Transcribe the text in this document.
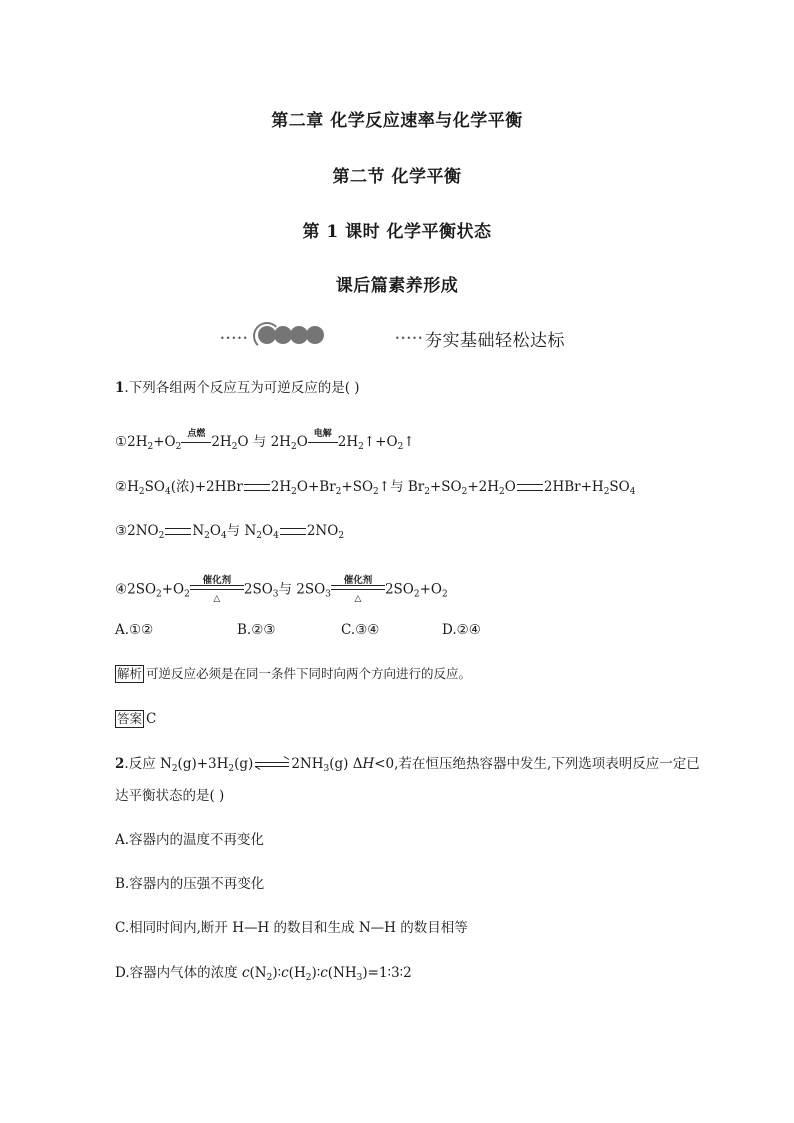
第二章 化学反应速率与化学平衡
第二节 化学平衡
第 1 课时 化学平衡状态
课后篇素养形成
•••••	••••• 夯实基础轻松达标
1.下列各组两个反应互为可逆反应的是( )
$①2H_2+O_2$
点燃
$2H_2O$ 与 $2H_2O$
电解
$2H_2↑+O_2↑$
$②H_2SO_4$(浓)+2HBr $2H_2O+Br_2+SO_2↑$与 $Br_2+SO_2+2H_2O$ $2HBr+H_2SO_4$
$③2NO_2$ $N_2O_4$与 $N_2O_4$ $2NO_2$
$④2SO_2+O_2$
催化剂
△
$2SO_3$与 $2SO_3$
催化剂
△
$2SO_2+O_2$
A.①②	B.②③	C.③④	D.②④
解析 可逆反应必须是在同一条件下同时向两个方向进行的反应。
答案 C
2.反应 $N_2(g)+3H_2(g)$	$2NH_3(g)$ ΔH<0,若在恒压绝热容器中发生,下列选项表明反应一定已
达平衡状态的是( )
A.容器内的温度不再变化
B.容器内的压强不再变化
C.相同时间内,断开 H—H 的数目和生成 N—H 的数目相等
D.容器内气体的浓度 $c(N_2)∶c(H_2)∶c(NH_3)=1∶3∶2$
